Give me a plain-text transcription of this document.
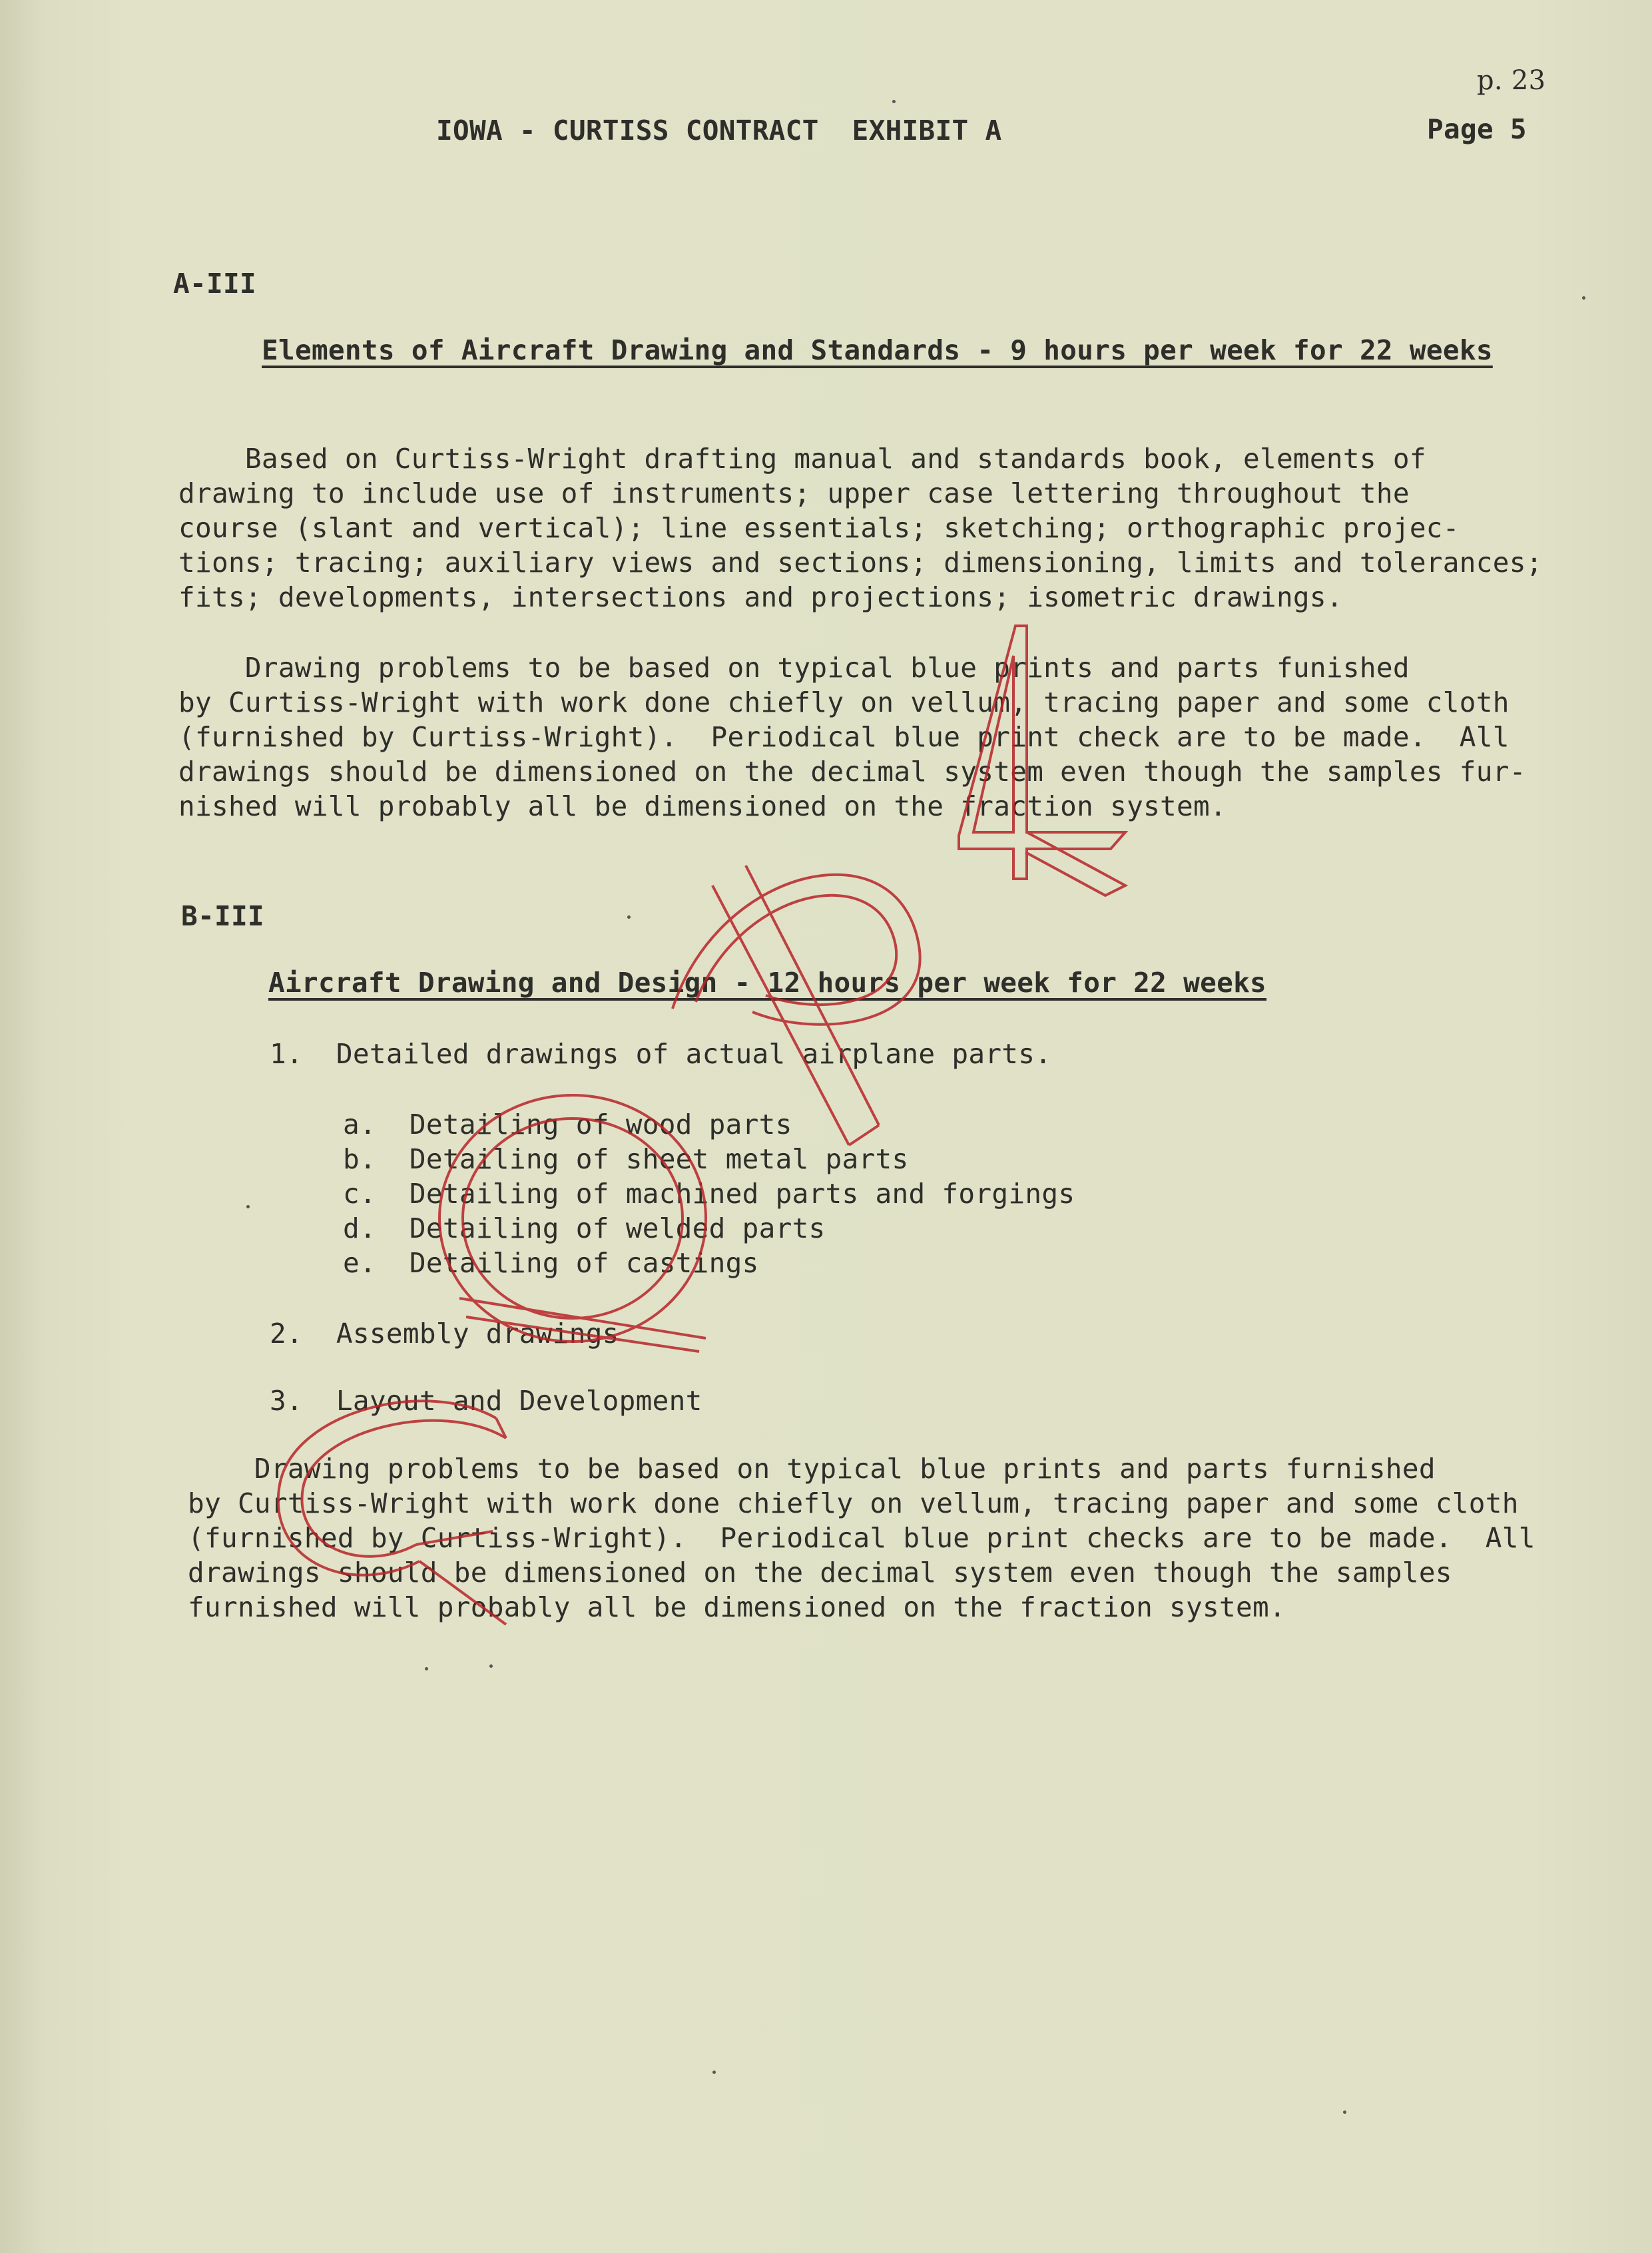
p. 23
IOWA - CURTISS CONTRACT  EXHIBIT A	Page 5
A-III
Elements of Aircraft Drawing and Standards - 9 hours per week for 22 weeks
Based on Curtiss-Wright drafting manual and standards book, elements of
drawing to include use of instruments; upper case lettering throughout the
course (slant and vertical); line essentials; sketching; orthographic projec-
tions; tracing; auxiliary views and sections; dimensioning, limits and tolerances;
fits; developments, intersections and projections; isometric drawings.
Drawing problems to be based on typical blue prints and parts funished
by Curtiss-Wright with work done chiefly on vellum, tracing paper and some cloth
(furnished by Curtiss-Wright).  Periodical blue print check are to be made.  All
drawings should be dimensioned on the decimal system even though the samples fur-
nished will probably all be dimensioned on the fraction system.
B-III
Aircraft Drawing and Design - 12 hours per week for 22 weeks
1.  Detailed drawings of actual airplane parts.
a.  Detailing of wood parts
b.  Detailing of sheet metal parts
c.  Detailing of machined parts and forgings
d.  Detailing of welded parts
e.  Detailing of castings
2.  Assembly drawings
3.  Layout and Development
Drawing problems to be based on typical blue prints and parts furnished
by Curtiss-Wright with work done chiefly on vellum, tracing paper and some cloth
(furnished by Curtiss-Wright).  Periodical blue print checks are to be made.  All
drawings should be dimensioned on the decimal system even though the samples
furnished will probably all be dimensioned on the fraction system.
